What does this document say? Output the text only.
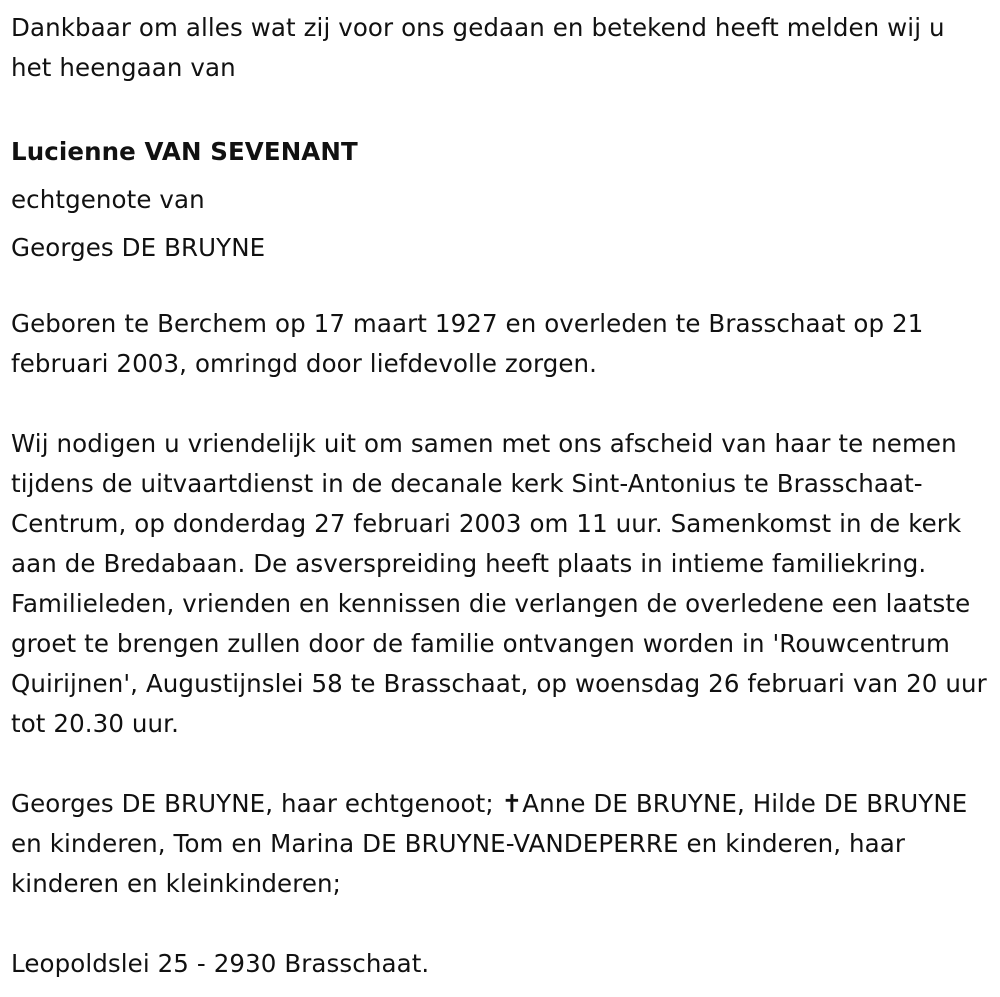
Dankbaar om alles wat zij voor ons gedaan en betekend heeft melden wij u het heengaan van

Lucienne VAN SEVENANT

echtgenote van

Georges DE BRUYNE

Geboren te Berchem op 17 maart 1927 en overleden te Brasschaat op 21 februari 2003, omringd door liefdevolle zorgen.

Wij nodigen u vriendelijk uit om samen met ons afscheid van haar te nemen tijdens de uitvaartdienst in de decanale kerk Sint-Antonius te Brasschaat-Centrum, op donderdag 27 februari 2003 om 11 uur. Samenkomst in de kerk aan de Bredabaan. De asverspreiding heeft plaats in intieme familiekring. Familieleden, vrienden en kennissen die verlangen de overledene een laatste groet te brengen zullen door de familie ontvangen worden in 'Rouwcentrum Quirijnen', Augustijnslei 58 te Brasschaat, op woensdag 26 februari van 20 uur tot 20.30 uur.

Georges DE BRUYNE, haar echtgenoot; ✝Anne DE BRUYNE, Hilde DE BRUYNE en kinderen, Tom en Marina DE BRUYNE-VANDEPERRE en kinderen, haar kinderen en kleinkinderen;

Leopoldslei 25 - 2930 Brasschaat.
